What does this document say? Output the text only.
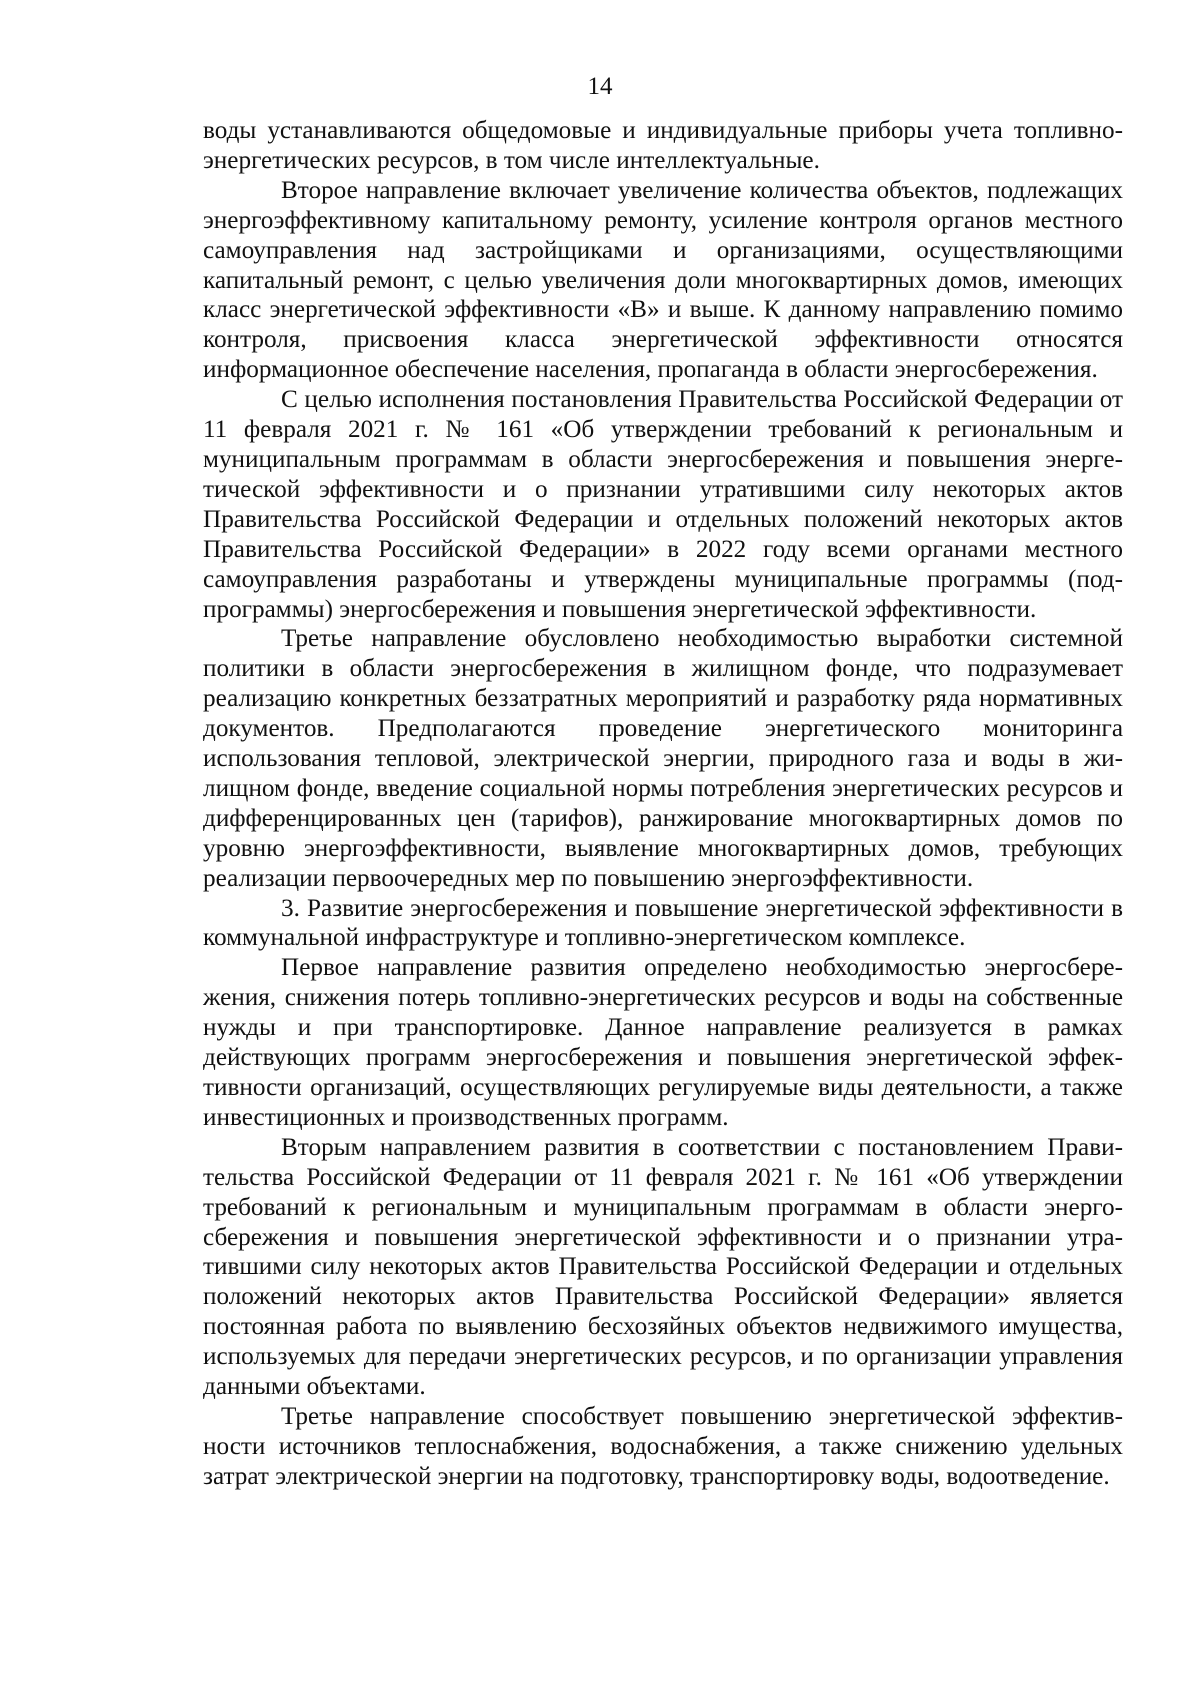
14

воды устанавливаются общедомовые и индивидуальные приборы учета топливно-энергетических ресурсов, в том числе интеллектуальные.

Второе направление включает увеличение количества объектов, подлежащих энергоэффективному капитальному ремонту, усиление контроля органов местного самоуправления над застройщиками и организациями, осуществляющими капитальный ремонт, с целью увеличения доли многоквартирных домов, имеющих класс энергетической эффективности «В» и выше. К данному направлению помимо контроля, присвоения класса энергетической эффективности относятся информационное обеспечение населения, пропаганда в области энергосбережения.

С целью исполнения постановления Правительства Российской Федерации от 11 февраля 2021 г. № 161 «Об утверждении требований к региональным и муниципальным программам в области энергосбережения и повышения энергетической эффективности и о признании утратившими силу некоторых актов Правительства Российской Федерации и отдельных положений некоторых актов Правительства Российской Федерации» в 2022 году всеми органами местного самоуправления разработаны и утверждены муниципальные программы (подпрограммы) энергосбережения и повышения энергетической эффективности.

Третье направление обусловлено необходимостью выработки системной политики в области энергосбережения в жилищном фонде, что подразумевает реализацию конкретных беззатратных мероприятий и разработку ряда нормативных документов. Предполагаются проведение энергетического мониторинга использования тепловой, электрической энергии, природного газа и воды в жилищном фонде, введение социальной нормы потребления энергетических ресурсов и дифференцированных цен (тарифов), ранжирование многоквартирных домов по уровню энергоэффективности, выявление многоквартирных домов, требующих реализации первоочередных мер по повышению энергоэффективности.

3. Развитие энергосбережения и повышение энергетической эффективности в коммунальной инфраструктуре и топливно-энергетическом комплексе.

Первое направление развития определено необходимостью энергосбережения, снижения потерь топливно-энергетических ресурсов и воды на собственные нужды и при транспортировке. Данное направление реализуется в рамках действующих программ энергосбережения и повышения энергетической эффективности организаций, осуществляющих регулируемые виды деятельности, а также инвестиционных и производственных программ.

Вторым направлением развития в соответствии с постановлением Правительства Российской Федерации от 11 февраля 2021 г. № 161 «Об утверждении требований к региональным и муниципальным программам в области энергосбережения и повышения энергетической эффективности и о признании утратившими силу некоторых актов Правительства Российской Федерации и отдельных положений некоторых актов Правительства Российской Федерации» является постоянная работа по выявлению бесхозяйных объектов недвижимого имущества, используемых для передачи энергетических ресурсов, и по организации управления данными объектами.

Третье направление способствует повышению энергетической эффективности источников теплоснабжения, водоснабжения, а также снижению удельных затрат электрической энергии на подготовку, транспортировку воды, водоотведение.
